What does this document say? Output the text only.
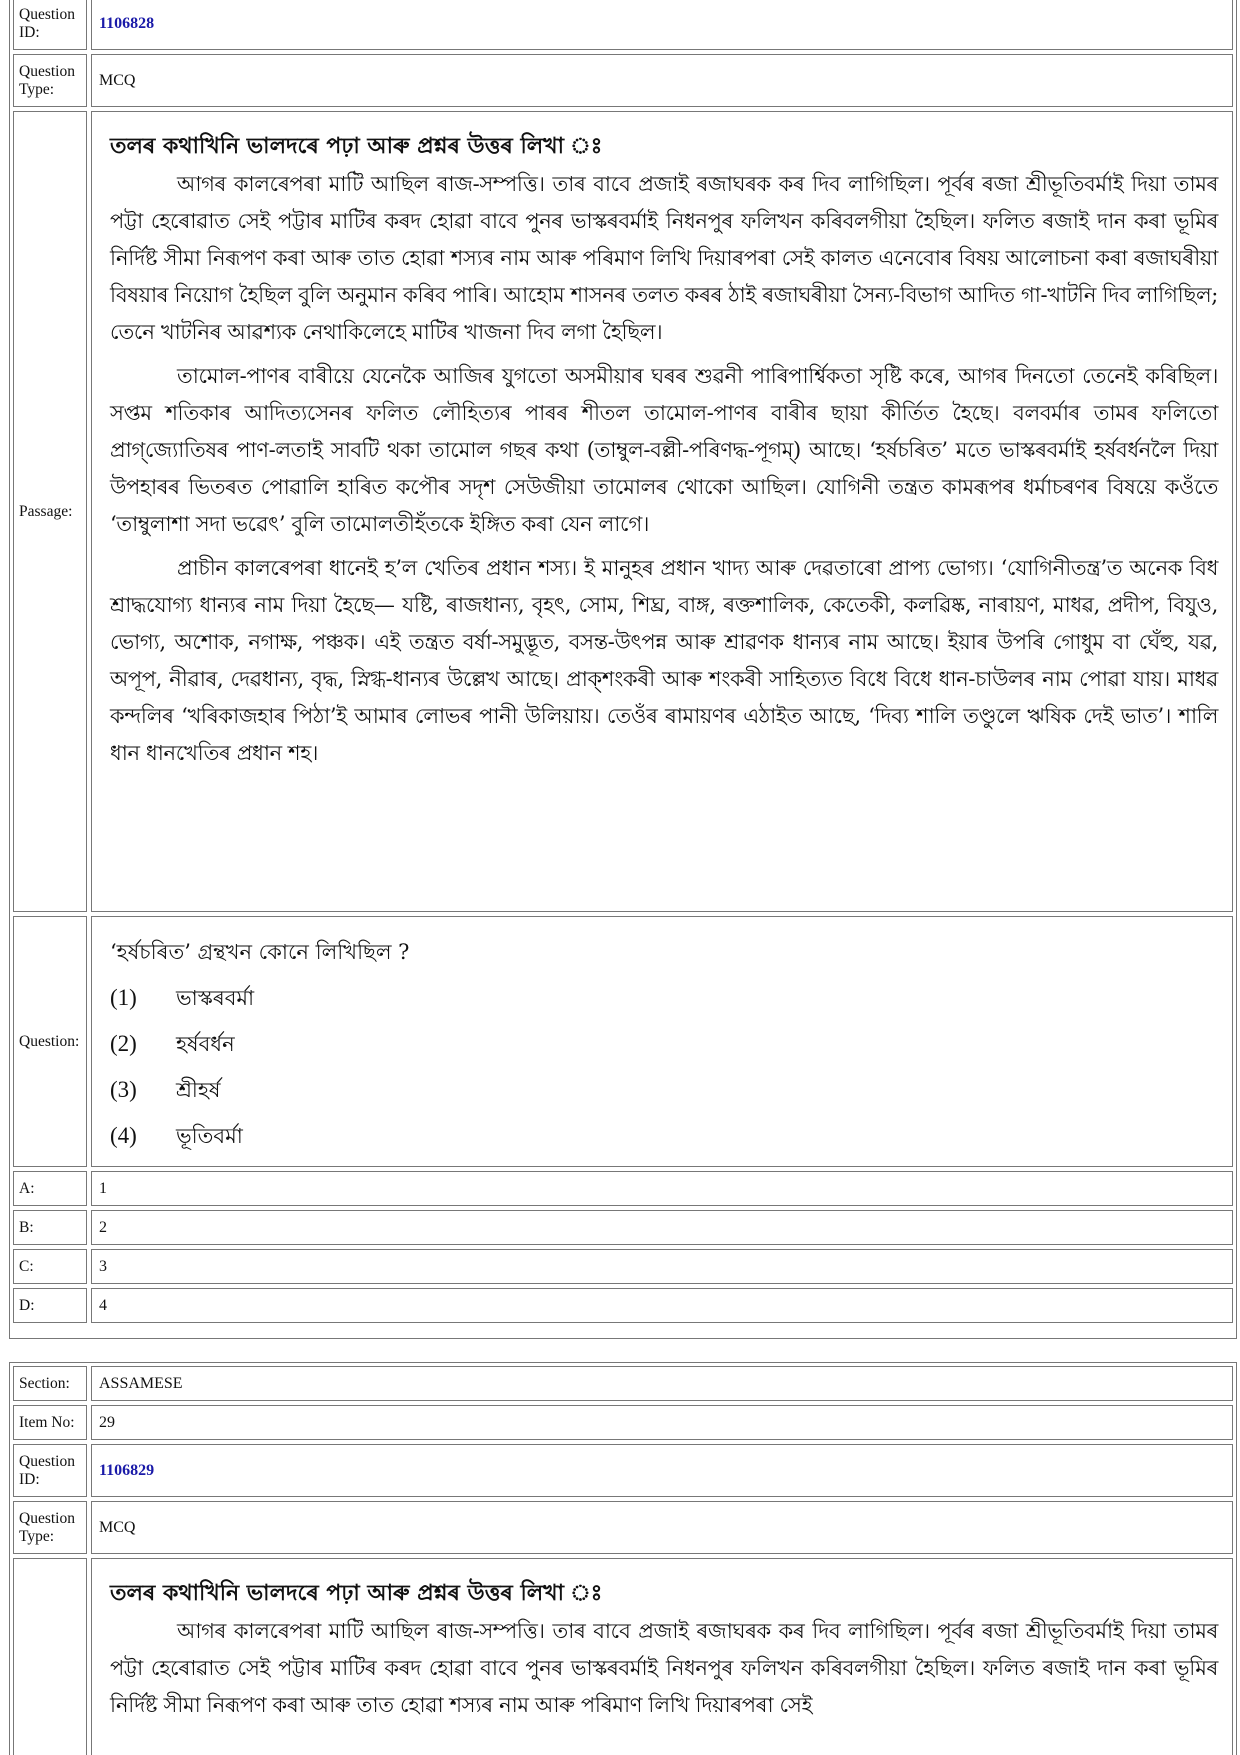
Question ID:
1106828
Question Type:
MCQ
Passage:
তলৰ কথাখিনি ভালদৰে পঢ়া আৰু প্ৰশ্নৰ উত্তৰ লিখা ঃ

আগৰ কালৰেপৰা মাটি আছিল ৰাজ-সম্পত্তি। তাৰ বাবে প্ৰজাই ৰজাঘৰক কৰ দিব লাগিছিল। পূৰ্বৰ ৰজা শ্ৰীভূতিবৰ্মাই দিয়া তামৰ পট্টা হেৰোৱাত সেই পট্টাৰ মাটিৰ কৰদ হোৱা বাবে পুনৰ ভাস্কৰবৰ্মাই নিধনপুৰ ফলিখন কৰিবলগীয়া হৈছিল। ফলিত ৰজাই দান কৰা ভূমিৰ নিৰ্দিষ্ট সীমা নিৰূপণ কৰা আৰু তাত হোৱা শস্যৰ নাম আৰু পৰিমাণ লিখি দিয়াৰপৰা সেই কালত এনেবোৰ বিষয় আলোচনা কৰা ৰজাঘৰীয়া বিষয়াৰ নিয়োগ হৈছিল বুলি অনুমান কৰিব পাৰি। আহোম শাসনৰ তলত কৰৰ ঠাই ৰজাঘৰীয়া সৈন্য-বিভাগ আদিত গা-খাটনি দিব লাগিছিল; তেনে খাটনিৰ আৱশ্যক নেথাকিলেহে মাটিৰ খাজনা দিব লগা হৈছিল।

তামোল-পাণৰ বাৰীয়ে যেনেকৈ আজিৰ যুগতো অসমীয়াৰ ঘৰৰ শুৱনী পাৰিপাৰ্শ্বিকতা সৃষ্টি কৰে, আগৰ দিনতো তেনেই কৰিছিল। সপ্তম শতিকাৰ আদিত্যসেনৰ ফলিত লৌহিত্যৰ পাৰৰ শীতল তামোল-পাণৰ বাৰীৰ ছায়া কীৰ্তিত হৈছে। বলবৰ্মাৰ তামৰ ফলিতো প্ৰাগ্‌জ্যোতিষৰ পাণ-লতাই সাবটি থকা তামোল গছৰ কথা (তাম্বুল-বল্লী-পৰিণদ্ধ-পূগম্‌) আছে। ‘হৰ্ষচৰিত’ মতে ভাস্কৰবৰ্মাই হৰ্ষবৰ্ধনলৈ দিয়া উপহাৰৰ ভিতৰত পোৱালি হাৰিত কপৌৰ সদৃশ সেউজীয়া তামোলৰ থোকো আছিল। যোগিনী তন্ত্ৰত কামৰূপৰ ধৰ্মাচৰণৰ বিষয়ে কওঁতে ‘তাম্বুলাশা সদা ভৱেৎ’ বুলি তামোলতীহঁতকে ইঙ্গিত কৰা যেন লাগে।

প্ৰাচীন কালৰেপৰা ধানেই হ’ল খেতিৰ প্ৰধান শস্য। ই মানুহৰ প্ৰধান খাদ্য আৰু দেৱতাৰো প্ৰাপ্য ভোগ্য। ‘যোগিনীতন্ত্ৰ’ত অনেক বিধ শ্ৰাদ্ধযোগ্য ধান্যৰ নাম দিয়া হৈছে— যষ্টি, ৰাজধান্য, বৃহৎ, সোম, শিঘ্ৰ, বাঙ্গ, ৰক্তশালিক, কেতেকী, কলৱিষ্ক, নাৰায়ণ, মাধৱ, প্ৰদীপ, বিযুও, ভোগ্য, অশোক, নগাক্ষ, পঞ্চক। এই তন্ত্ৰত বৰ্ষা-সমুদ্ভূত, বসন্ত-উৎপন্ন আৰু শ্ৰাৱণক ধান্যৰ নাম আছে। ইয়াৰ উপৰি গোধুম বা ঘেঁহু, যৱ, অপূপ, নীৱাৰ, দেৱধান্য, বৃদ্ধ, স্নিগ্ধ-ধান্যৰ উল্লেখ আছে। প্ৰাক্‌শংকৰী আৰু শংকৰী সাহিত্যত বিধে বিধে ধান-চাউলৰ নাম পোৱা যায়। মাধৱ কন্দলিৰ ‘খৰিকাজহাৰ পিঠা’ই আমাৰ লোভৰ পানী উলিয়ায়। তেওঁৰ ৰামায়ণৰ এঠাইত আছে, ‘দিব্য শালি তণ্ডুলে ঋষিক দেই ভাত’। শালি ধান ধানখেতিৰ প্ৰধান শহ।

Question:
‘হৰ্ষচৰিত’ গ্ৰন্থখন কোনে লিখিছিল ?
(1)	ভাস্কৰবৰ্মা
(2)	হৰ্ষবৰ্ধন
(3)	শ্ৰীহৰ্ষ
(4)	ভূতিবৰ্মা
A:	1
B:	2
C:	3
D:	4
Section:	ASSAMESE
Item No:	29
Question ID:
1106829
Question Type:
MCQ
তলৰ কথাখিনি ভালদৰে পঢ়া আৰু প্ৰশ্নৰ উত্তৰ লিখা ঃ

আগৰ কালৰেপৰা মাটি আছিল ৰাজ-সম্পত্তি। তাৰ বাবে প্ৰজাই ৰজাঘৰক কৰ দিব লাগিছিল। পূৰ্বৰ ৰজা শ্ৰীভূতিবৰ্মাই দিয়া তামৰ পট্টা হেৰোৱাত সেই পট্টাৰ মাটিৰ কৰদ হোৱা বাবে পুনৰ ভাস্কৰবৰ্মাই নিধনপুৰ ফলিখন কৰিবলগীয়া হৈছিল। ফলিত ৰজাই দান কৰা ভূমিৰ নিৰ্দিষ্ট সীমা নিৰূপণ কৰা আৰু তাত হোৱা শস্যৰ নাম আৰু পৰিমাণ লিখি দিয়াৰপৰা সেই
